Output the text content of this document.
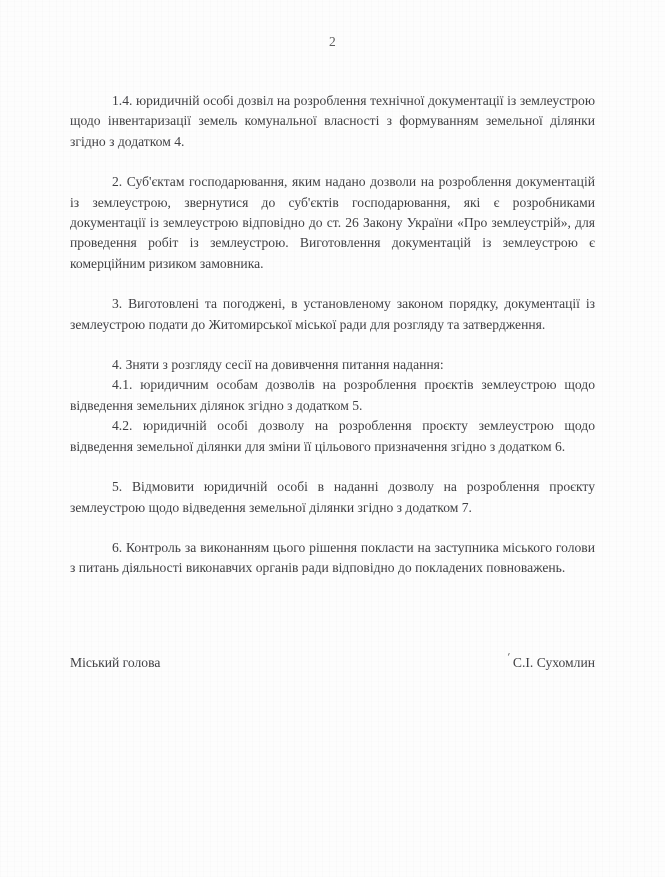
2

1.4. юридичній особі дозвіл на розроблення технічної документації із землеустрою щодо інвентаризації земель комунальної власності з формуванням земельної ділянки згідно з додатком 4.

2. Суб'єктам господарювання, яким надано дозволи на розроблення документацій із землеустрою, звернутися до суб'єктів господарювання, які є розробниками документації із землеустрою відповідно до ст. 26 Закону України «Про землеустрій», для проведення робіт із землеустрою. Виготовлення документацій із землеустрою є комерційним ризиком замовника.

3. Виготовлені та погоджені, в установленому законом порядку, документації із землеустрою подати до Житомирської міської ради для розгляду та затвердження.

4. Зняти з розгляду сесії на довивчення питання надання:

4.1. юридичним особам дозволів на розроблення проєктів землеустрою щодо відведення земельних ділянок згідно з додатком 5.

4.2. юридичній особі дозволу на розроблення проєкту землеустрою щодо відведення земельної ділянки для зміни її цільового призначення згідно з додатком 6.

5. Відмовити юридичній особі в наданні дозволу на розроблення проєкту землеустрою щодо відведення земельної ділянки згідно з додатком 7.

6. Контроль за виконанням цього рішення покласти на заступника міського голови з питань діяльності виконавчих органів ради відповідно до покладених повноважень.

Міський голова	ʹ С.І. Сухомлин
